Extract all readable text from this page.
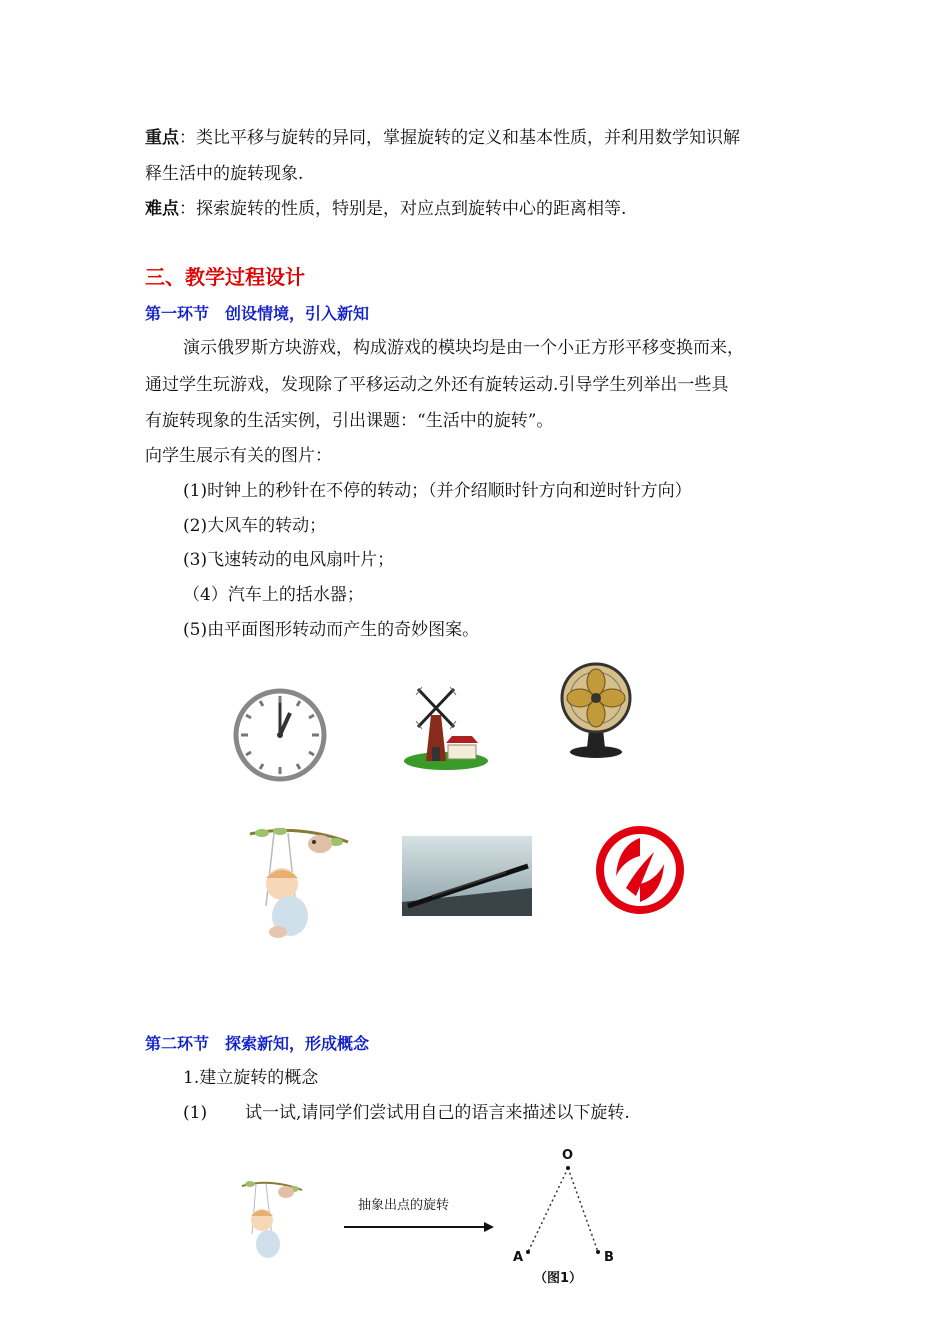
重点：类比平移与旋转的异同，掌握旋转的定义和基本性质，并利用数学知识解
释生活中的旋转现象.
难点：探索旋转的性质，特别是，对应点到旋转中心的距离相等.
三、教学过程设计
第一环节　创设情境，引入新知
演示俄罗斯方块游戏，构成游戏的模块均是由一个小正方形平移变换而来，
通过学生玩游戏，发现除了平移运动之外还有旋转运动.引导学生列举出一些具
有旋转现象的生活实例，引出课题：“生活中的旋转”。
向学生展示有关的图片：
(1)时钟上的秒针在不停的转动；（并介绍顺时针方向和逆时针方向）
(2)大风车的转动；
(3)飞速转动的电风扇叶片；
（4）汽车上的括水器；
(5)由平面图形转动而产生的奇妙图案。
第二环节　探索新知，形成概念
1.建立旋转的概念
(1) 试一试,请同学们尝试用自己的语言来描述以下旋转.
抽象出点的旋转
O
A	B
（图1）
